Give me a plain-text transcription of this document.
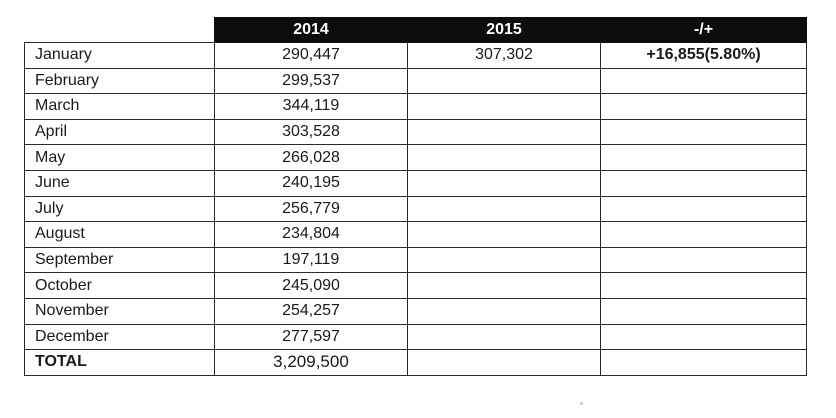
	2014	2015	-/+
January	290,447	307,302	+16,855(5.80%)
February	299,537		
March	344,119		
April	303,528		
May	266,028		
June	240,195		
July	256,779		
August	234,804		
September	197,119		
October	245,090		
November	254,257		
December	277,597		
TOTAL	3,209,500		
